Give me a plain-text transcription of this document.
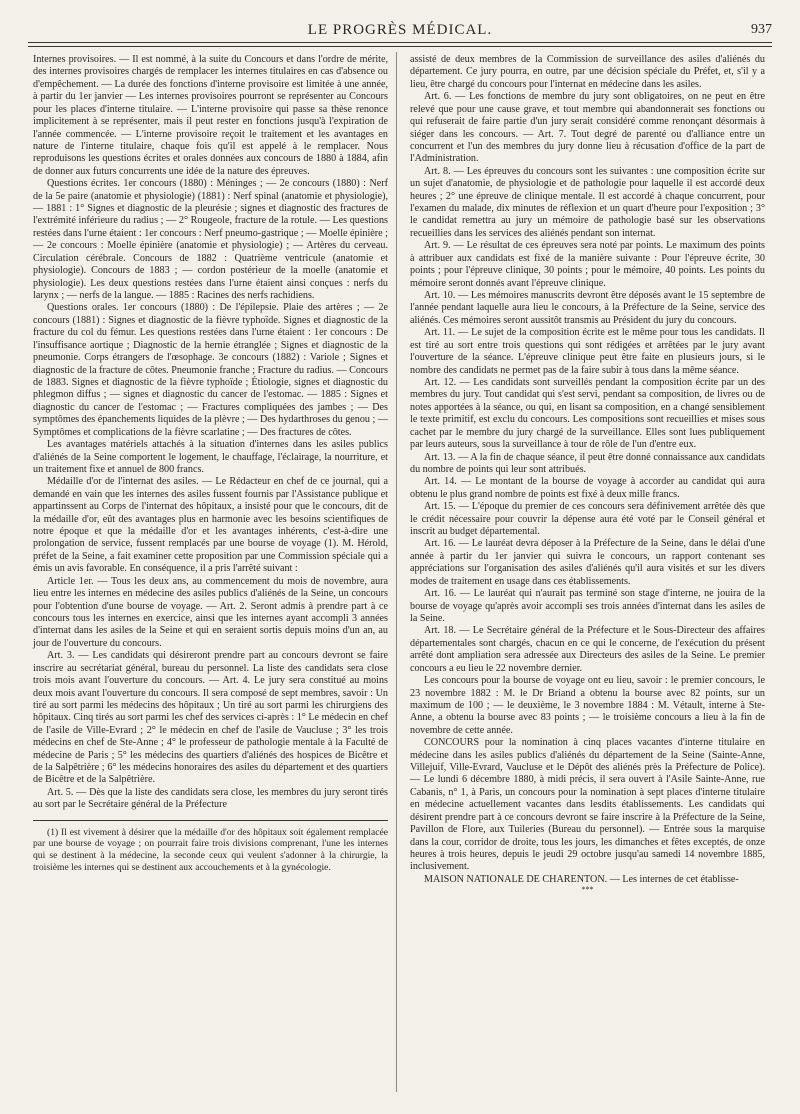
LE PROGRÈS MÉDICAL.	937

Internes provisoires. — Il est nommé, à la suite du Concours et dans l'ordre de mérite, des internes provisoires chargés de remplacer les internes titulaires en cas d'absence ou d'empêchement. — La durée des fonctions d'interne provisoire est limitée à une année, à partir du 1er janvier — Les internes provisoires pourront se représenter au Concours pour les places d'interne titulaire. — L'interne provisoire qui passe sa thèse renonce implicitement à se représenter, mais il peut rester en fonctions jusqu'à l'expiration de l'année commencée. — L'interne provisoire reçoit le traitement et les avantages en nature de l'interne titulaire, chaque fois qu'il est appelé à le remplacer. Nous reproduisons les questions écrites et orales données aux concours de 1880 à 1884, afin de donner aux futurs concurrents une idée de la nature des épreuves.

Questions écrites. 1er concours (1880) : Méninges ; — 2e concours (1880) : Nerf de la 5e paire (anatomie et physiologie) (1881) : Nerf spinal (anatomie et physiologie), — 1881 : 1° Signes et diagnostic de la pleurésie ; signes et diagnostic des fractures de l'extrémité inférieure du radius ; — 2° Rougeole, fracture de la rotule. — Les questions restées dans l'urne étaient : 1er concours : Nerf pneumo-gastrique ; — Moelle épinière ; — 2e concours : Moelle épinière (anatomie et physiologie) ; — Artères du cerveau. Circulation cérébrale. Concours de 1882 : Quatrième ventricule (anatomie et physiologie). Concours de 1883 ; — cordon postérieur de la moelle (anatomie et physiologie). Les deux questions restées dans l'urne étaient ainsi conçues : nerfs du larynx ; — nerfs de la langue. — 1885 : Racines des nerfs rachidiens.

Questions orales. 1er concours (1880) : De l'épilepsie. Plaie des artères ; — 2e concours (1881) : Signes et diagnostic de la fièvre typhoïde. Signes et diagnostic de la fracture du col du fémur. Les questions restées dans l'urne étaient : 1er concours : De l'insuffisance aortique ; Diagnostic de la hernie étranglée ; Signes et diagnostic de la pneumonie. Corps étrangers de l'œsophage. 3e concours (1882) : Variole ; Signes et diagnostic de la fracture de côtes. Pneumonie franche ; Fracture du radius. — Concours de 1883. Signes et diagnostic de la fièvre typhoïde ; Étiologie, signes et diagnostic du phlegmon diffus ; — signes et diagnostic du cancer de l'estomac. — 1885 : Signes et diagnostic du cancer de l'estomac ; — Fractures compliquées des jambes ; — Des symptômes des épanchements liquides de la plèvre ; — Des hydarthroses du genou ; — Symptômes et complications de la fièvre scarlatine ; — Des fractures de côtes.

Les avantages matériels attachés à la situation d'internes dans les asiles publics d'aliénés de la Seine comportent le logement, le chauffage, l'éclairage, la nourriture, et un traitement fixe et annuel de 800 francs.

Médaille d'or de l'internat des asiles. — Le Rédacteur en chef de ce journal, qui a demandé en vain que les internes des asiles fussent fournis par l'Assistance publique et appartinssent au Corps de l'internat des hôpitaux, a insisté pour que le concours, dit de la médaille d'or, eût des avantages plus en harmonie avec les besoins scientifiques de notre époque et que la médaille d'or et les avantages inhérents, c'est-à-dire une prolongation de service, fussent remplacés par une bourse de voyage (1). M. Hérold, préfet de la Seine, a fait examiner cette proposition par une Commission spéciale qui a émis un avis favorable. En conséquence, il a pris l'arrêté suivant :

Article 1er. — Tous les deux ans, au commencement du mois de novembre, aura lieu entre les internes en médecine des asiles publics d'aliénés de la Seine, un concours pour l'obtention d'une bourse de voyage. — Art. 2. Seront admis à prendre part à ce concours tous les internes en exercice, ainsi que les internes ayant accompli 3 années d'internat dans les asiles de la Seine et qui en seraient sortis depuis moins d'un an, au jour de l'ouverture du concours.

Art. 3. — Les candidats qui désireront prendre part au concours devront se faire inscrire au secrétariat général, bureau du personnel. La liste des candidats sera close trois mois avant l'ouverture du concours. — Art. 4. Le jury sera constitué au moins deux mois avant l'ouverture du concours. Il sera composé de sept membres, savoir : Un tiré au sort parmi les médecins des hôpitaux ; Un tiré au sort parmi les chirurgiens des hôpitaux. Cinq tirés au sort parmi les chef des services ci-après : 1° Le médecin en chef de l'asile de Ville-Evrard ; 2° le médecin en chef de l'asile de Vaucluse ; 3° les trois médecins en chef de Ste-Anne ; 4° le professeur de pathologie mentale à la Faculté de médecine de Paris ; 5° les médecins des quartiers d'aliénés des hospices de Bicêtre et de la Salpêtrière ; 6° les médecins honoraires des asiles du département et des quartiers de Bicêtre et de la Salpêtrière.

Art. 5. — Dès que la liste des candidats sera close, les membres du jury seront tirés au sort par le Secrétaire général de la Préfecture

(1) Il est vivement à désirer que la médaille d'or des hôpitaux soit également remplacée par une bourse de voyage ; on pourrait faire trois divisions comprenant, l'une les internes qui se destinent à la médecine, la seconde ceux qui veulent s'adonner à la chirurgie, la troisième les internes qui se destinent aux accouchements et à la gynécologie.

assisté de deux membres de la Commission de surveillance des asiles d'aliénés du département. Ce jury pourra, en outre, par une décision spéciale du Préfet, et, s'il y a lieu, être chargé du concours pour l'internat en médecine dans les asiles.

Art. 6. — Les fonctions de membre du jury sont obligatoires, on ne peut en être relevé que pour une cause grave, et tout membre qui abandonnerait ses fonctions ou qui refuserait de faire partie d'un jury serait considéré comme renonçant désormais à siéger dans les concours. — Art. 7. Tout degré de parenté ou d'alliance entre un concurrent et l'un des membres du jury donne lieu à récusation d'office de la part de l'Administration.

Art. 8. — Les épreuves du concours sont les suivantes : une composition écrite sur un sujet d'anatomie, de physiologie et de pathologie pour laquelle il est accordé deux heures ; 2° une épreuve de clinique mentale. Il est accordé à chaque concurrent, pour l'examen du malade, dix minutes de réflexion et un quart d'heure pour l'exposition ; 3° le candidat remettra au jury un mémoire de pathologie basé sur les observations recueillies dans les services des aliénés pendant son internat.

Art. 9. — Le résultat de ces épreuves sera noté par points. Le maximum des points à attribuer aux candidats est fixé de la manière suivante : Pour l'épreuve écrite, 30 points ; pour l'épreuve clinique, 30 points ; pour le mémoire, 40 points. Les points du mémoire seront donnés avant l'épreuve clinique.

Art. 10. — Les mémoires manuscrits devront être déposés avant le 15 septembre de l'année pendant laquelle aura lieu le concours, à la Préfecture de la Seine, service des aliénés. Ces mémoires seront aussitôt transmis au Président du jury du concours.

Art. 11. — Le sujet de la composition écrite est le même pour tous les candidats. Il est tiré au sort entre trois questions qui sont rédigées et arrêtées par le jury avant l'ouverture de la séance. L'épreuve clinique peut être faite en plusieurs jours, si le nombre des candidats ne permet pas de la faire subir à tous dans la même séance.

Art. 12. — Les candidats sont surveillés pendant la composition écrite par un des membres du jury. Tout candidat qui s'est servi, pendant sa composition, de livres ou de notes apportées à la séance, ou qui, en lisant sa composition, en a changé sensiblement le texte primitif, est exclu du concours. Les compositions sont recueillies et mises sous cachet par le membre du jury chargé de la surveillance. Elles sont lues publiquement par leurs auteurs, sous la surveillance à tour de rôle de l'un d'entre eux.

Art. 13. — A la fin de chaque séance, il peut être donné connaissance aux candidats du nombre de points qui leur sont attribués.

Art. 14. — Le montant de la bourse de voyage à accorder au candidat qui aura obtenu le plus grand nombre de points est fixé à deux mille francs.

Art. 15. — L'époque du premier de ces concours sera définivement arrêtée dès que le crédit nécessaire pour couvrir la dépense aura été voté par le Conseil général et inscrit au budget départemental.

Art. 16. — Le lauréat devra déposer à la Préfecture de la Seine, dans le délai d'une année à partir du 1er janvier qui suivra le concours, un rapport contenant ses appréciations sur l'organisation des asiles d'aliénés qu'il aura visités et sur les divers modes de traitement en usage dans ces établissements.

Art. 16. — Le lauréat qui n'aurait pas terminé son stage d'interne, ne jouira de la bourse de voyage qu'après avoir accompli ses trois années d'internat dans les asiles de la Seine.

Art. 18. — Le Secrétaire général de la Préfecture et le Sous-Directeur des affaires départementales sont chargés, chacun en ce qui le concerne, de l'exécution du présent arrêté dont ampliation sera adressée aux Directeurs des asiles de la Seine. Le premier concours a eu lieu le 22 novembre dernier.

Les concours pour la bourse de voyage ont eu lieu, savoir : le premier concours, le 23 novembre 1882 : M. le Dr Briand a obtenu la bourse avec 82 points, sur un maximum de 100 ; — le deuxième, le 3 novembre 1884 : M. Vétault, interne à Ste-Anne, a obtenu la bourse avec 83 points ; — le troisième concours a lieu à la fin de novembre de cette année.

CONCOURS pour la nomination à cinq places vacantes d'interne titulaire en médecine dans les asiles publics d'aliénés du département de la Seine (Sainte-Anne, Villejuif, Ville-Evrard, Vaucluse et le Dépôt des aliénés près la Préfecture de Police). — Le lundi 6 décembre 1880, à midi précis, il sera ouvert à l'Asile Sainte-Anne, rue Cabanis, n° 1, à Paris, un concours pour la nomination à sept places d'interne titulaire en médecine actuellement vacantes dans lesdits établissements. Les candidats qui désirent prendre part à ce concours devront se faire inscrire à la Préfecture de la Seine, Pavillon de Flore, aux Tuileries (Bureau du personnel). — Entrée sous la marquise dans la cour, corridor de droite, tous les jours, les dimanches et fêtes exceptés, de onze heures à trois heures, depuis le jeudi 29 octobre jusqu'au samedi 14 novembre 1885, inclusivement.

MAISON NATIONALE DE CHARENTON. — Les internes de cet établisse-

***
